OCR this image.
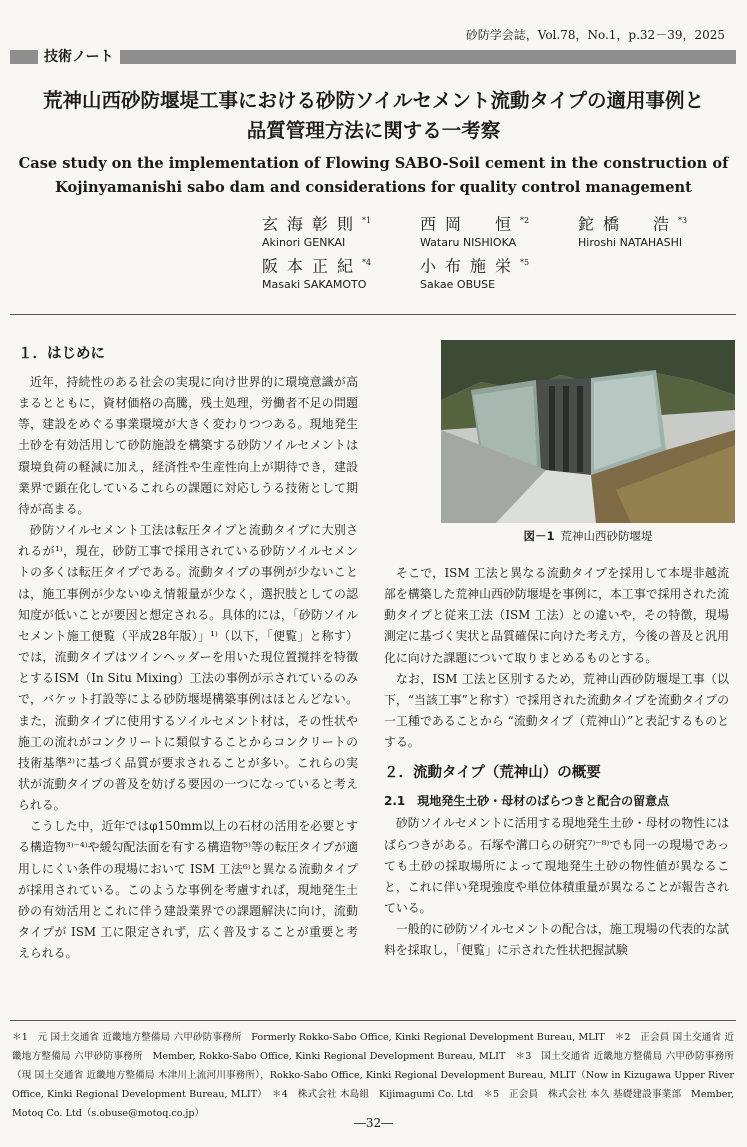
砂防学会誌，Vol.78，No.1，p.32－39，2025
技術ノート
荒神山西砂防堰堤工事における砂防ソイルセメント流動タイプの適用事例と
品質管理方法に関する一考察
Case study on the implementation of Flowing SABO-Soil cement in the construction of
Kojinyamanishi sabo dam and considerations for quality control management
玄海彰則$^{*1}$
Akinori GENKAI
西岡　恒$^{*2}$
Wataru NISHIOKA
鉈橋　浩$^{*3}$
Hiroshi NATAHASHI
阪本正紀$^{*4}$
Masaki SAKAMOTO
小布施栄$^{*5}$
Sakae OBUSE
１．はじめに

近年，持続性のある社会の実現に向け世界的に環境意識が高まるとともに，資材価格の高騰，残土処理，労働者不足の問題等，建設をめぐる事業環境が大きく変わりつつある。現地発生土砂を有効活用して砂防施設を構築する砂防ソイルセメントは環境負荷の軽減に加え，経済性や生産性向上が期待でき，建設業界で顕在化しているこれらの課題に対応しうる技術として期待が高まる。

砂防ソイルセメント工法は転圧タイプと流動タイプに大別されるが¹⁾，現在，砂防工事で採用されている砂防ソイルセメントの多くは転圧タイプである。流動タイプの事例が少ないことは，施工事例が少ないゆえ情報量が少なく，選択肢としての認知度が低いことが要因と想定される。具体的には，「砂防ソイルセメント施工便覧（平成28年版）」¹⁾（以下，「便覧」と称す）では，流動タイプはツインヘッダーを用いた現位置撹拌を特徴とするISM（In Situ Mixing）工法の事例が示されているのみで，バケット打設等による砂防堰堤構築事例はほとんどない。また，流動タイプに使用するソイルセメント材は，その性状や施工の流れがコンクリートに類似することからコンクリートの技術基準²⁾に基づく品質が要求されることが多い。これらの実状が流動タイプの普及を妨げる要因の一つになっていると考えられる。

こうした中，近年ではφ150mm以上の石材の活用を必要とする構造物³⁾⁻⁴⁾や緩勾配法面を有する構造物⁵⁾等の転圧タイプが適用しにくい条件の現場において ISM 工法⁶⁾と異なる流動タイプが採用されている。このような事例を考慮すれば，現地発生土砂の有効活用とこれに伴う建設業界での課題解決に向け，流動タイプが ISM 工に限定されず，広く普及することが重要と考えられる。

図－1 荒神山西砂防堰堤

そこで，ISM 工法と異なる流動タイプを採用して本堤非越流部を構築した荒神山西砂防堰堤を事例に，本工事で採用された流動タイプと従来工法（ISM 工法）との違いや，その特徴，現場測定に基づく実状と品質確保に向けた考え方，今後の普及と汎用化に向けた課題について取りまとめるものとする。

なお，ISM 工法と区別するため，荒神山西砂防堰堤工事（以下，“当該工事”と称す）で採用された流動タイプを流動タイプの一工種であることから “流動タイプ（荒神山）”と表記するものとする。

２．流動タイプ（荒神山）の概要
2.1　現地発生土砂・母材のばらつきと配合の留意点

砂防ソイルセメントに活用する現地発生土砂・母材の物性にはばらつきがある。石塚や溝口らの研究⁷⁾⁻⁸⁾でも同一の現場であっても土砂の採取場所によって現地発生土砂の物性値が異なること，これに伴い発現強度や単位体積重量が異なることが報告されている。

一般的に砂防ソイルセメントの配合は，施工現場の代表的な試料を採取し，「便覧」に示された性状把握試験

＊1　元 国土交通省 近畿地方整備局 六甲砂防事務所　Formerly Rokko-Sabo Office, Kinki Regional Development Bureau, MLIT　＊2　正会員 国土交通省 近畿地方整備局 六甲砂防事務所　Member, Rokko-Sabo Office, Kinki Regional Development Bureau, MLIT　＊3　国土交通省 近畿地方整備局 六甲砂防事務所（現 国土交通省 近畿地方整備局 木津川上流河川事務所），Rokko-Sabo Office, Kinki Regional Development Bureau, MLIT（Now in Kizugawa Upper River Office, Kinki Regional Development Bureau, MLIT）　＊4　株式会社 木島組　Kijimagumi Co. Ltd　＊5　正会員　株式会社 本久 基礎建設事業部　Member, Motoq Co. Ltd（s.obuse@motoq.co.jp）
―32―
